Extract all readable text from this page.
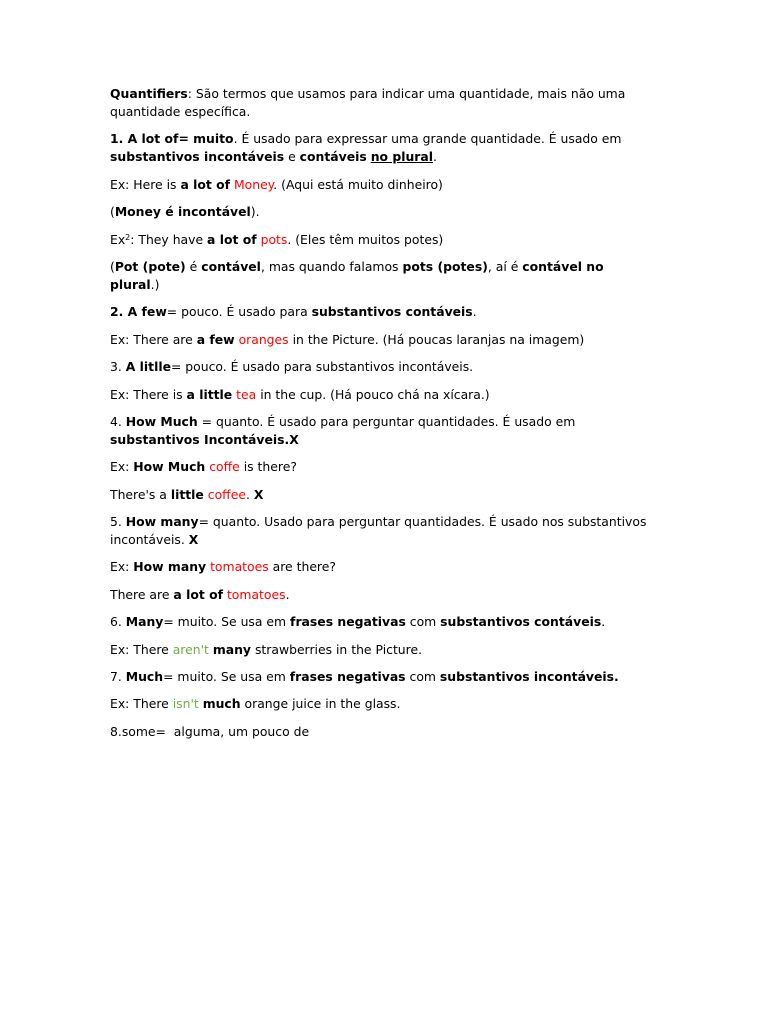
Quantifiers: São termos que usamos para indicar uma quantidade, mais não uma quantidade específica.

1. A lot of= muito. É usado para expressar uma grande quantidade. É usado em substantivos incontáveis e contáveis no plural.

Ex: Here is a lot of Money. (Aqui está muito dinheiro)

(Money é incontável).

Ex$^2$: They have a lot of pots. (Eles têm muitos potes)

(Pot (pote) é contável, mas quando falamos pots (potes), aí é contável no plural.)

2. A few= pouco. É usado para substantivos contáveis.

Ex: There are a few oranges in the Picture. (Há poucas laranjas na imagem)

3. A litlle= pouco. É usado para substantivos incontáveis.

Ex: There is a little tea in the cup. (Há pouco chá na xícara.)

4. How Much = quanto. É usado para perguntar quantidades. É usado em substantivos Incontáveis.X

Ex: How Much coffe is there?

There's a little coffee. X

5. How many= quanto. Usado para perguntar quantidades. É usado nos substantivos incontáveis. X

Ex: How many tomatoes are there?

There are a lot of tomatoes.

6. Many= muito. Se usa em frases negativas com substantivos contáveis.

Ex: There aren't many strawberries in the Picture.

7. Much= muito. Se usa em frases negativas com substantivos incontáveis.

Ex: There isn't much orange juice in the glass.

8.some=  alguma, um pouco de
